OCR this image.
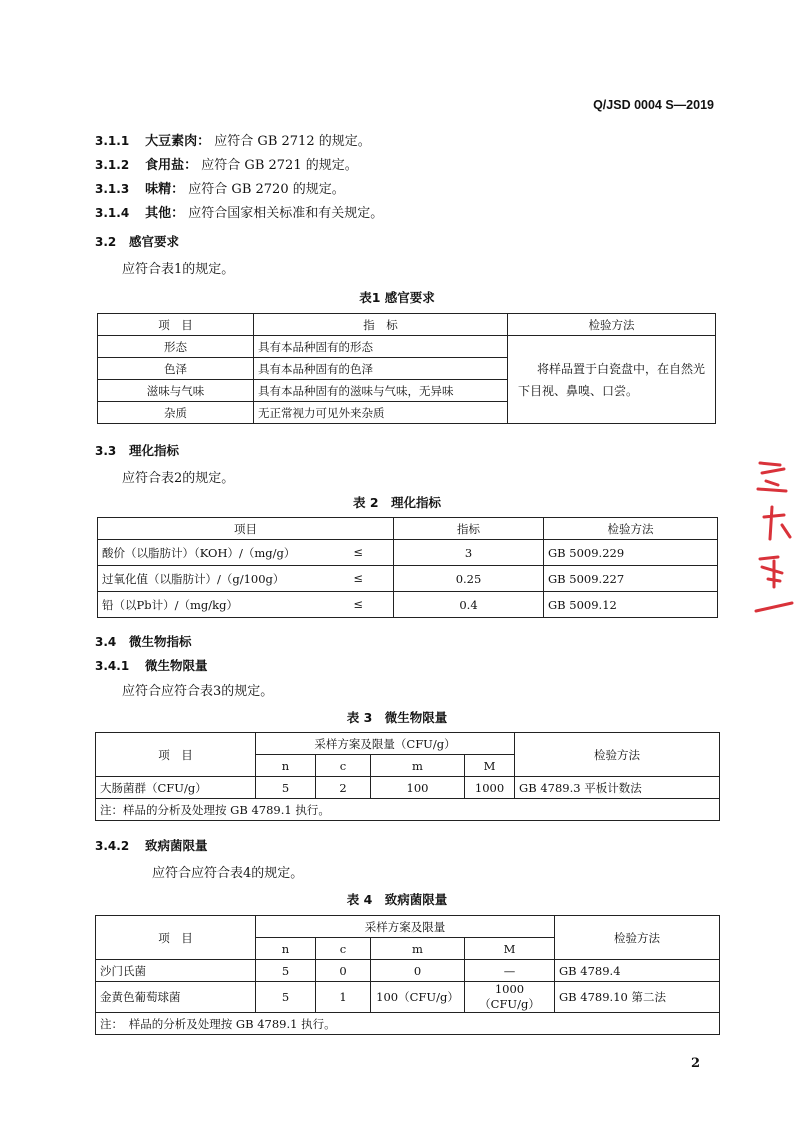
Q/JSD 0004 S—2019
3.1.1 大豆素肉： 应符合 GB 2712 的规定。
3.1.2 食用盐： 应符合 GB 2721 的规定。
3.1.3 味精： 应符合 GB 2720 的规定。
3.1.4 其他： 应符合国家相关标准和有关规定。
3.2 感官要求
应符合表1的规定。
表1 感官要求
项　目	指　标	检验方法
形态	具有本品种固有的形态	将样品置于白瓷盘中，在自然光
下目视、鼻嗅、口尝。

色泽	具有本品种固有的色泽	
滋味与气味	具有本品种固有的滋味与气味，无异味	
杂质	无正常视力可见外来杂质	
3.3 理化指标
应符合表2的规定。
表 2　理化指标
项目	指标	检验方法
酸价（以脂肪计）（KOH）/（mg/g） ≤	3	GB 5009.229
过氧化值（以脂肪计）/（g/100g） ≤	0.25	GB 5009.227
铅（以Pb计）/（mg/kg） ≤	0.4	GB 5009.12
3.4 微生物指标
3.4.1 微生物限量
应符合应符合表3的规定。
表 3　微生物限量
项　目	采样方案及限量（CFU/g）				检验方法
	n	c	m	M	
大肠菌群（CFU/g）	5	2	100	1000	GB 4789.3 平板计数法
注：样品的分析及处理按 GB 4789.1 执行。					
3.4.2 致病菌限量
应符合应符合表4的规定。
表 4　致病菌限量
项　目	采样方案及限量				检验方法
	n	c	m	M	
沙门氏菌	5	0	0	—	GB 4789.4
金黄色葡萄球菌	5	1	100（CFU/g）	1000（CFU/g）	GB 4789.10 第二法
注：　样品的分析及处理按 GB 4789.1 执行。					
2
